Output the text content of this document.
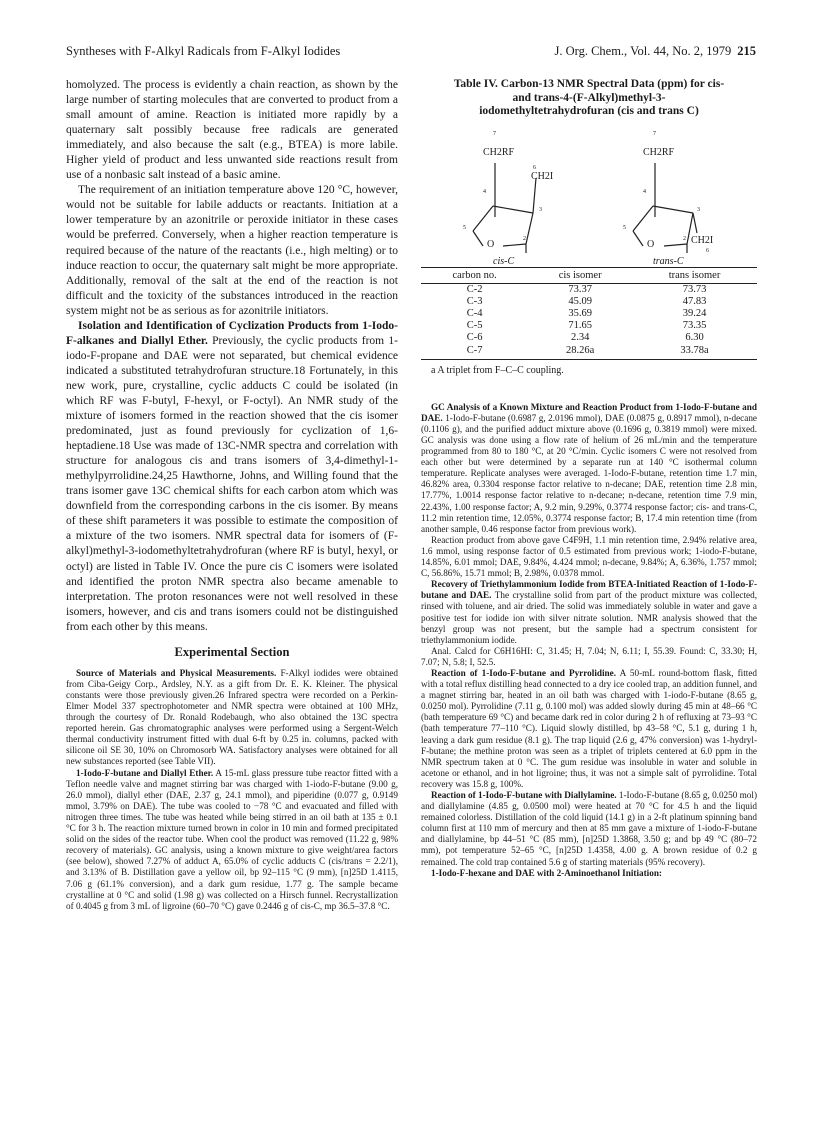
Syntheses with F-Alkyl Radicals from F-Alkyl Iodides	J. Org. Chem., Vol. 44, No. 2, 1979 215

homolyzed. The process is evidently a chain reaction, as shown by the large number of starting molecules that are converted to product from a small amount of amine. Reaction is initiated more rapidly by a quaternary salt possibly because free radicals are generated immediately, and also because the salt (e.g., BTEA) is more labile. Higher yield of product and less unwanted side reactions result from use of a nonbasic salt instead of a basic amine.

The requirement of an initiation temperature above 120 °C, however, would not be suitable for labile adducts or reactants. Initiation at a lower temperature by an azonitrile or peroxide initiator in these cases would be preferred. Conversely, when a higher reaction temperature is required because of the nature of the reactants (i.e., high melting) or to induce reaction to occur, the quaternary salt might be more appropriate. Additionally, removal of the salt at the end of the reaction is not difficult and the toxicity of the substances introduced in the reaction system might not be as serious as for azonitrile initiators.

Isolation and Identification of Cyclization Products from 1-Iodo-F-alkanes and Diallyl Ether. Previously, the cyclic products from 1-iodo-F-propane and DAE were not separated, but chemical evidence indicated a substituted tetrahydrofuran structure.18 Fortunately, in this new work, pure, crystalline, cyclic adducts C could be isolated (in which RF was F-butyl, F-hexyl, or F-octyl). An NMR study of the mixture of isomers formed in the reaction showed that the cis isomer predominated, just as found previously for cyclization of 1,6-heptadiene.18 Use was made of 13C-NMR spectra and correlation with structure for analogous cis and trans isomers of 3,4-dimethyl-1-methylpyrrolidine.24,25 Hawthorne, Johns, and Willing found that the trans isomer gave 13C chemical shifts for each carbon atom which was downfield from the corresponding carbons in the cis isomer. By means of these shift parameters it was possible to estimate the composition of a mixture of the two isomers. NMR spectral data for isomers of (F-alkyl)methyl-3-iodomethyltetrahydrofuran (where RF is butyl, hexyl, or octyl) are listed in Table IV. Once the pure cis C isomers were isolated and identified the proton NMR spectra also became amenable to interpretation. The proton resonances were not well resolved in these isomers, however, and cis and trans isomers could not be distinguished from each other by this means.

Experimental Section

Source of Materials and Physical Measurements. F-Alkyl iodides were obtained from Ciba-Geigy Corp., Ardsley, N.Y. as a gift from Dr. E. K. Kleiner. The physical constants were those previously given.26 Infrared spectra were recorded on a Perkin-Elmer Model 337 spectrophotometer and NMR spectra were obtained at 100 MHz, through the courtesy of Dr. Ronald Rodebaugh, who also obtained the 13C spectra reported herein. Gas chromatographic analyses were performed using a Sergent-Welch thermal conductivity instrument fitted with dual 6-ft by 0.25 in. columns, packed with silicone oil SE 30, 10% on Chromosorb WA. Satisfactory analyses were obtained for all new substances reported (see Table VII).

1-Iodo-F-butane and Diallyl Ether. A 15-mL glass pressure tube reactor fitted with a Teflon needle valve and magnet stirring bar was charged with 1-iodo-F-butane (9.00 g, 26.0 mmol), diallyl ether (DAE, 2.37 g, 24.1 mmol), and piperidine (0.077 g, 0.9149 mmol, 3.79% on DAE). The tube was cooled to −78 °C and evacuated and filled with nitrogen three times. The tube was heated while being stirred in an oil bath at 135 ± 0.1 °C for 3 h. The reaction mixture turned brown in color in 10 min and formed precipitated solid on the sides of the reactor tube. When cool the product was removed (11.22 g, 98% recovery of materials). GC analysis, using a known mixture to give weight/area factors (see below), showed 7.27% of adduct A, 65.0% of cyclic adducts C (cis/trans = 2.2/1), and 3.13% of B. Distillation gave a yellow oil, bp 92–115 °C (9 mm), [n]25D 1.4115, 7.06 g (61.1% conversion), and a dark gum residue, 1.77 g. The sample became crystalline at 0 °C and solid (1.98 g) was collected on a Hirsch funnel. Recrystallization of 0.4045 g from 3 mL of ligroine (60–70 °C) gave 0.2446 g of cis-C, mp 36.5–37.8 °C.

Table IV. Carbon-13 NMR Spectral Data (ppm) for cis-
and trans-4-(F-Alkyl)methyl-3-
iodomethyltetrahydrofuran (cis and trans C)
7
CH2RF
6
CH2I
4
3
5
O	2
cis-C
7
CH2RF
4
3
5
O	2 CH2I
6
trans-C
carbon no.	cis isomer	trans isomer
C-2	73.37	73.73
C-3	45.09	47.83
C-4	35.69	39.24
C-5	71.65	73.35
C-6	2.34	6.30
C-7	28.26a	33.78a
a A triplet from F–C–C coupling.

GC Analysis of a Known Mixture and Reaction Product from 1-Iodo-F-butane and DAE. 1-Iodo-F-butane (0.6987 g, 2.0196 mmol), DAE (0.0875 g, 0.8917 mmol), n-decane (0.1106 g), and the purified adduct mixture above (0.1696 g, 0.3819 mmol) were mixed. GC analysis was done using a flow rate of helium of 26 mL/min and the temperature programmed from 80 to 180 °C, at 20 °C/min. Cyclic isomers C were not resolved from each other but were determined by a separate run at 140 °C isothermal column temperature. Replicate analyses were averaged. 1-Iodo-F-butane, retention time 1.7 min, 46.82% area, 0.3304 response factor relative to n-decane; DAE, retention time 2.8 min, 17.77%, 1.0014 response factor relative to n-decane; n-decane, retention time 7.9 min, 22.43%, 1.00 response factor; A, 9.2 min, 9.29%, 0.3774 response factor; cis- and trans-C, 11.2 min retention time, 12.05%, 0.3774 response factor; B, 17.4 min retention time (from another sample, 0.46 response factor from previous work).

Reaction product from above gave C4F9H, 1.1 min retention time, 2.94% relative area, 1.6 mmol, using response factor of 0.5 estimated from previous work; 1-iodo-F-butane, 14.85%, 6.01 mmol; DAE, 9.84%, 4.424 mmol; n-decane, 9.84%; A, 6.36%, 1.757 mmol; C, 56.86%, 15.71 mmol; B, 2.98%, 0.0378 mmol.

Recovery of Triethylammonium Iodide from BTEA-Initiated Reaction of 1-Iodo-F-butane and DAE. The crystalline solid from part of the product mixture was collected, rinsed with toluene, and air dried. The solid was immediately soluble in water and gave a positive test for iodide ion with silver nitrate solution. NMR analysis showed that the benzyl group was not present, but the sample had a spectrum consistent for triethylammonium iodide.

Anal. Calcd for C6H16HI: C, 31.45; H, 7.04; N, 6.11; I, 55.39. Found: C, 33.30; H, 7.07; N, 5.8; I, 52.5.

Reaction of 1-Iodo-F-butane and Pyrrolidine. A 50-mL round-bottom flask, fitted with a total reflux distilling head connected to a dry ice cooled trap, an addition funnel, and a magnet stirring bar, heated in an oil bath was charged with 1-iodo-F-butane (8.65 g, 0.0250 mol). Pyrrolidine (7.11 g, 0.100 mol) was added slowly during 45 min at 48–66 °C (bath temperature 69 °C) and became dark red in color during 2 h of refluxing at 73–93 °C (bath temperature 77–110 °C). Liquid slowly distilled, bp 43–58 °C, 5.1 g, during 1 h, leaving a dark gum residue (8.1 g). The trap liquid (2.6 g, 47% conversion) was 1-hydryl-F-butane; the methine proton was seen as a triplet of triplets centered at 6.0 ppm in the NMR spectrum taken at 0 °C. The gum residue was insoluble in water and soluble in acetone or ethanol, and in hot ligroine; thus, it was not a simple salt of pyrrolidine. Total recovery was 15.8 g, 100%.

Reaction of 1-Iodo-F-butane with Diallylamine. 1-Iodo-F-butane (8.65 g, 0.0250 mol) and diallylamine (4.85 g, 0.0500 mol) were heated at 70 °C for 4.5 h and the liquid remained colorless. Distillation of the cold liquid (14.1 g) in a 2-ft platinum spinning band column first at 110 mm of mercury and then at 85 mm gave a mixture of 1-iodo-F-butane and diallylamine, bp 44–51 °C (85 mm), [n]25D 1.3868, 3.50 g; and bp 49 °C (80–72 mm), pot temperature 52–65 °C, [n]25D 1.4358, 4.00 g. A brown residue of 0.2 g remained. The cold trap contained 5.6 g of starting materials (95% recovery).

1-Iodo-F-hexane and DAE with 2-Aminoethanol Initiation:
